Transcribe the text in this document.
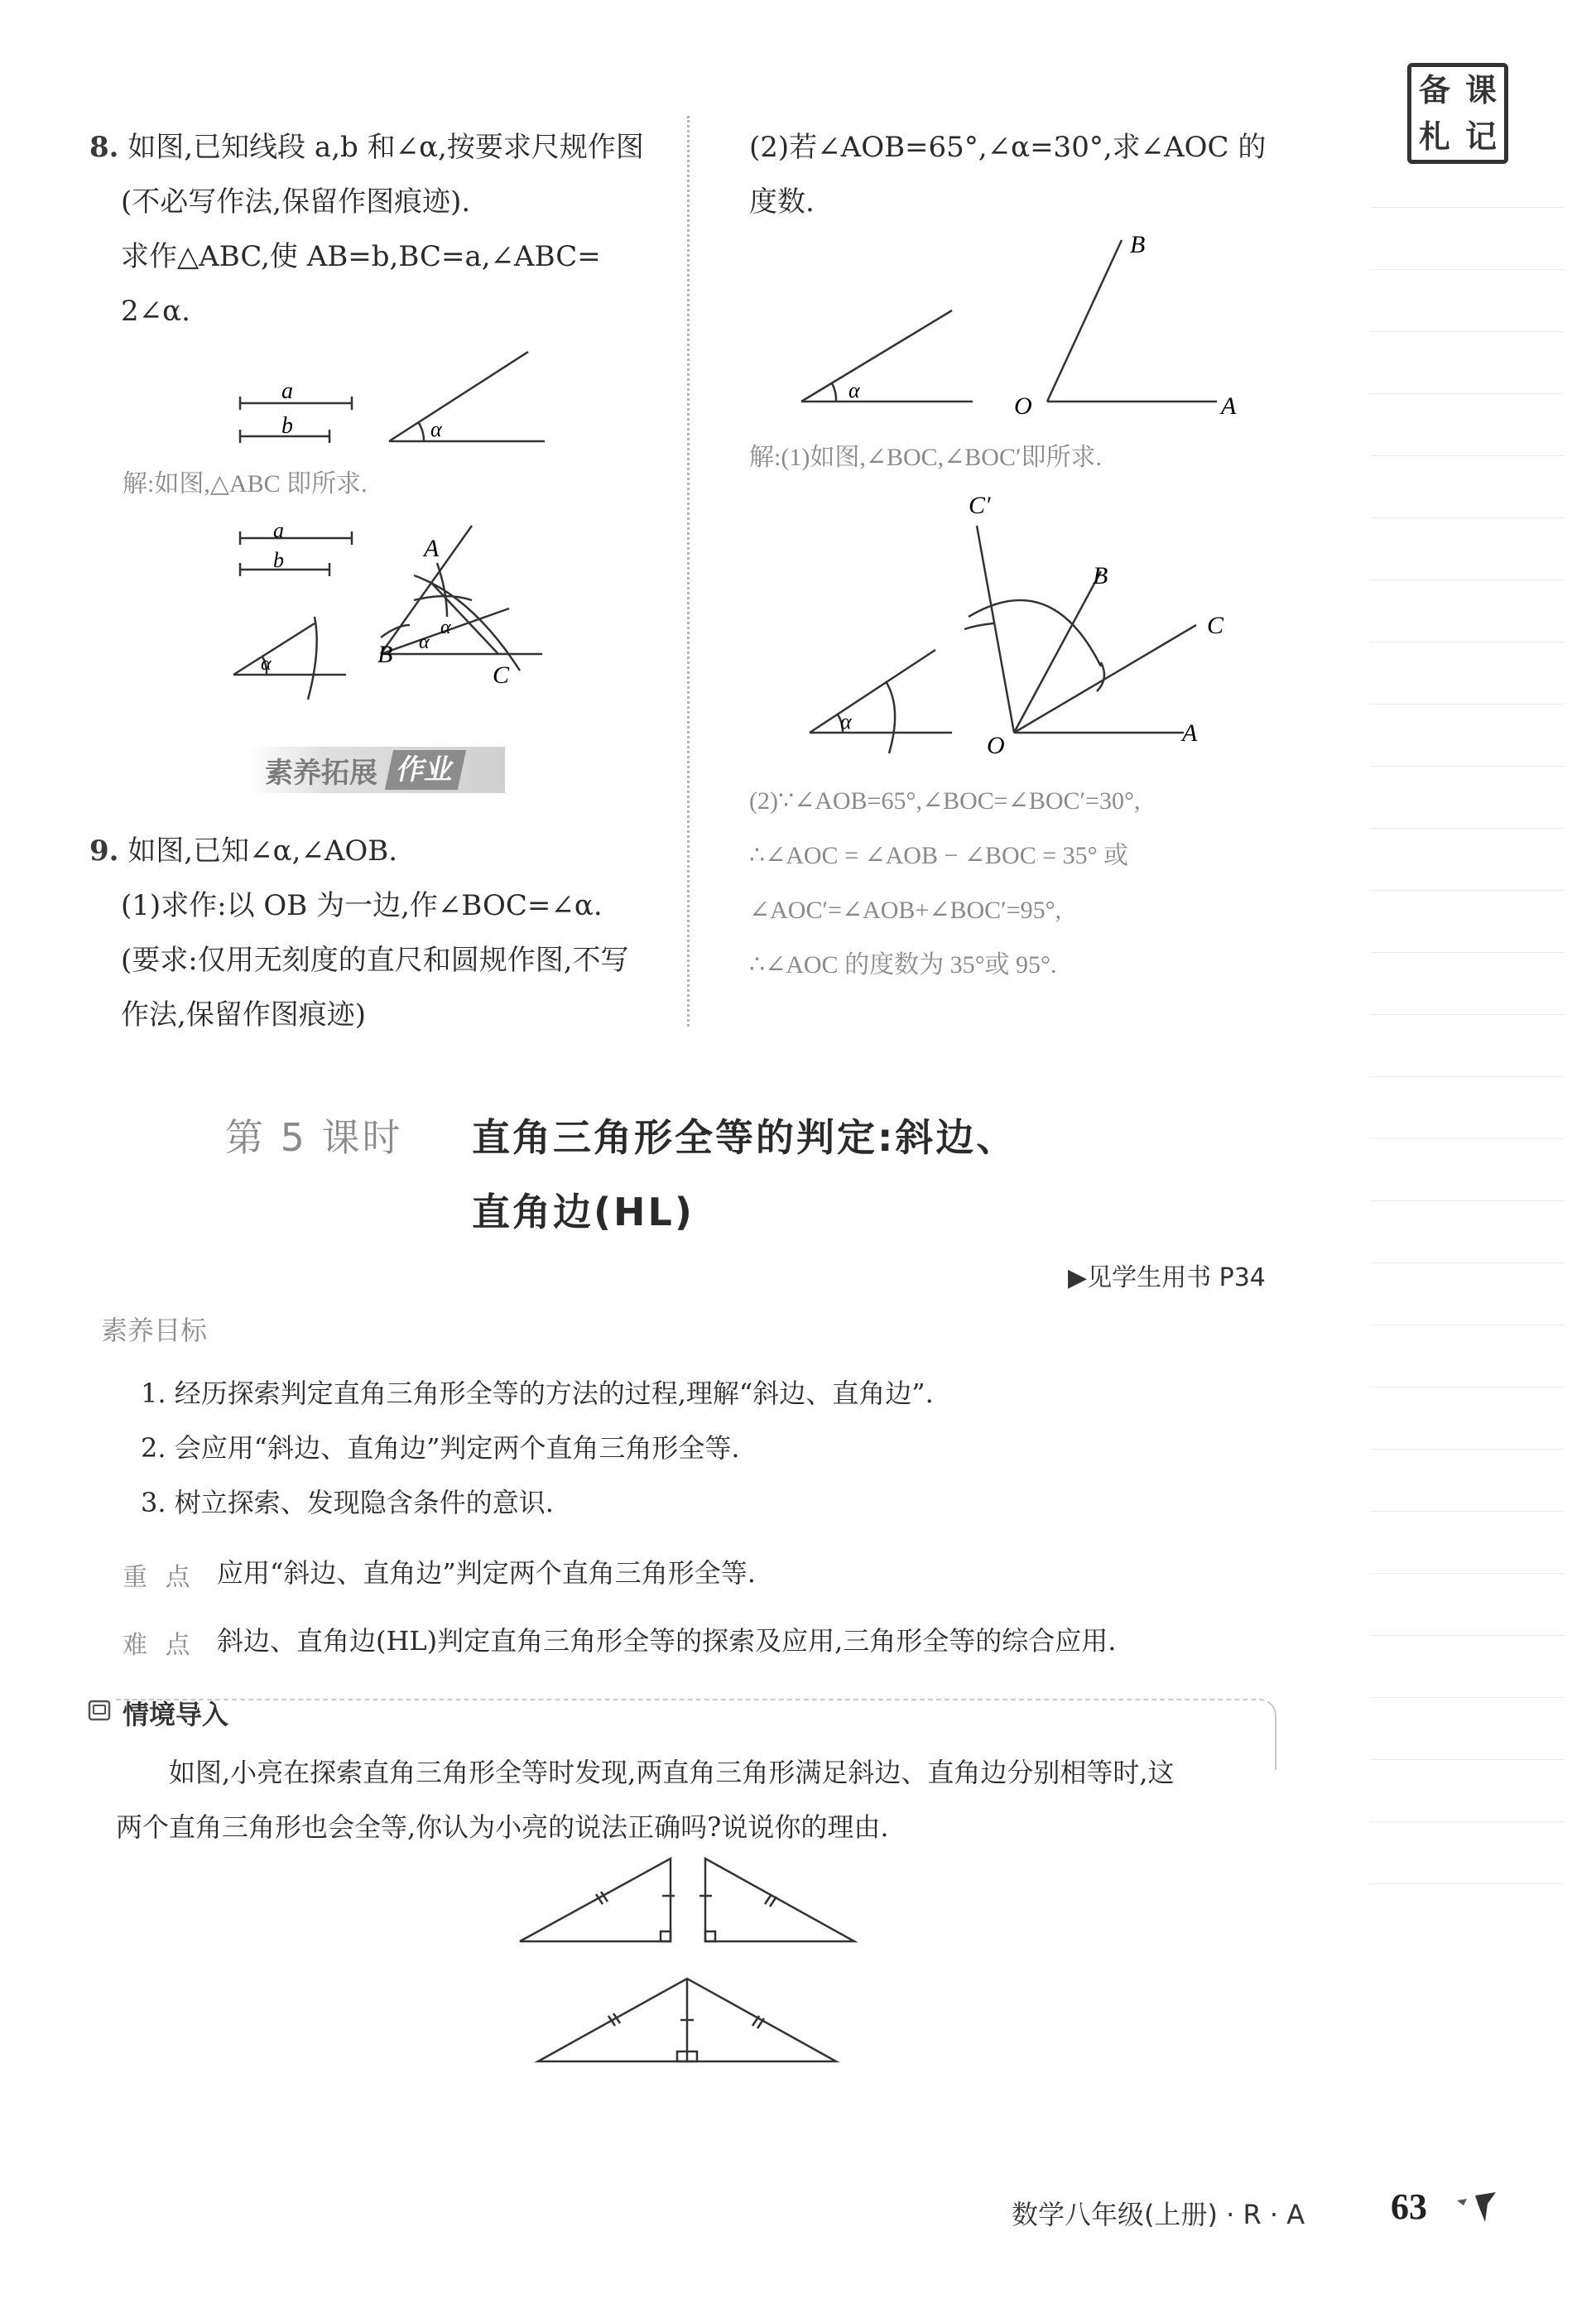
备 课
札 记
8. 如图,已知线段 a,b 和∠α,按要求尺规作图
(不必写作法,保留作图痕迹).
求作△ABC,使 AB=b,BC=a,∠ABC=
2∠α.
a
b	α
解:如图,△ABC 即所求.
A
B
C
a
b
α
α
α
素养拓展 作业
9. 如图,已知∠α,∠AOB.
(1)求作:以 OB 为一边,作∠BOC=∠α.
(要求:仅用无刻度的直尺和圆规作图,不写
作法,保留作图痕迹)
(2)若∠AOB=65°,∠α=30°,求∠AOC 的
度数.
α
B
O	A
解:(1)如图,∠BOC,∠BOC′即所求.
C′
B
C
O	A
α
(2)∵∠AOB=65°,∠BOC=∠BOC′=30°,
∴∠AOC = ∠AOB − ∠BOC = 35° 或
∠AOC′=∠AOB+∠BOC′=95°,
∴∠AOC 的度数为 35°或 95°.
第 5 课时 直角三角形全等的判定:斜边、
直角边(HL)
▶见学生用书 P34
素养目标
1. 经历探索判定直角三角形全等的方法的过程,理解“斜边、直角边”.
2. 会应用“斜边、直角边”判定两个直角三角形全等.
3. 树立探索、发现隐含条件的意识.
重 点 应用“斜边、直角边”判定两个直角三角形全等.
难 点 斜边、直角边(HL)判定直角三角形全等的探索及应用,三角形全等的综合应用.
情境导入
如图,小亮在探索直角三角形全等时发现,两直角三角形满足斜边、直角边分别相等时,这
两个直角三角形也会全等,你认为小亮的说法正确吗?说说你的理由.
数学八年级(上册) · R · A 63
